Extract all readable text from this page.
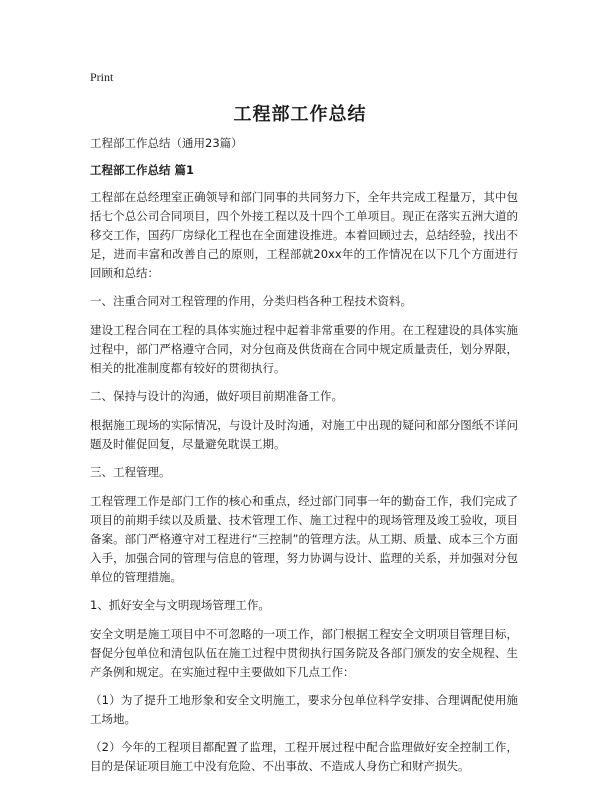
Print
工程部工作总结

工程部工作总结（通用23篇）

工程部工作总结 篇1

工程部在总经理室正确领导和部门同事的共同努力下，全年共完成工程量万，其中包括七个总公司合同项目，四个外接工程以及十四个工单项目。现正在落实五洲大道的移交工作，国药厂房绿化工程也在全面建设推进。本着回顾过去，总结经验，找出不足，进而丰富和改善自己的原则，工程部就20xx年的工作情况在以下几个方面进行回顾和总结：

一、注重合同对工程管理的作用，分类归档各种工程技术资料。

建设工程合同在工程的具体实施过程中起着非常重要的作用。在工程建设的具体实施过程中，部门严格遵守合同，对分包商及供货商在合同中规定质量责任，划分界限，相关的批准制度都有较好的贯彻执行。

二、保持与设计的沟通，做好项目前期准备工作。

根据施工现场的实际情况，与设计及时沟通，对施工中出现的疑问和部分图纸不详问题及时催促回复，尽量避免耽误工期。

三、工程管理。

工程管理工作是部门工作的核心和重点，经过部门同事一年的勤奋工作，我们完成了项目的前期手续以及质量、技术管理工作、施工过程中的现场管理及竣工验收，项目备案。部门严格遵守对工程进行“三控制”的管理方法。从工期、质量、成本三个方面入手，加强合同的管理与信息的管理，努力协调与设计、监理的关系，并加强对分包单位的管理措施。

1、抓好安全与文明现场管理工作。

安全文明是施工项目中不可忽略的一项工作，部门根据工程安全文明项目管理目标，督促分包单位和清包队伍在施工过程中贯彻执行国务院及各部门颁发的安全规程、生产条例和规定。在实施过程中主要做如下几点工作：

（1）为了提升工地形象和安全文明施工，要求分包单位科学安排、合理调配使用施工场地。

（2）今年的工程项目都配置了监理，工程开展过程中配合监理做好安全控制工作，目的是保证项目施工中没有危险、不出事故、不造成人身伤亡和财产损失。
